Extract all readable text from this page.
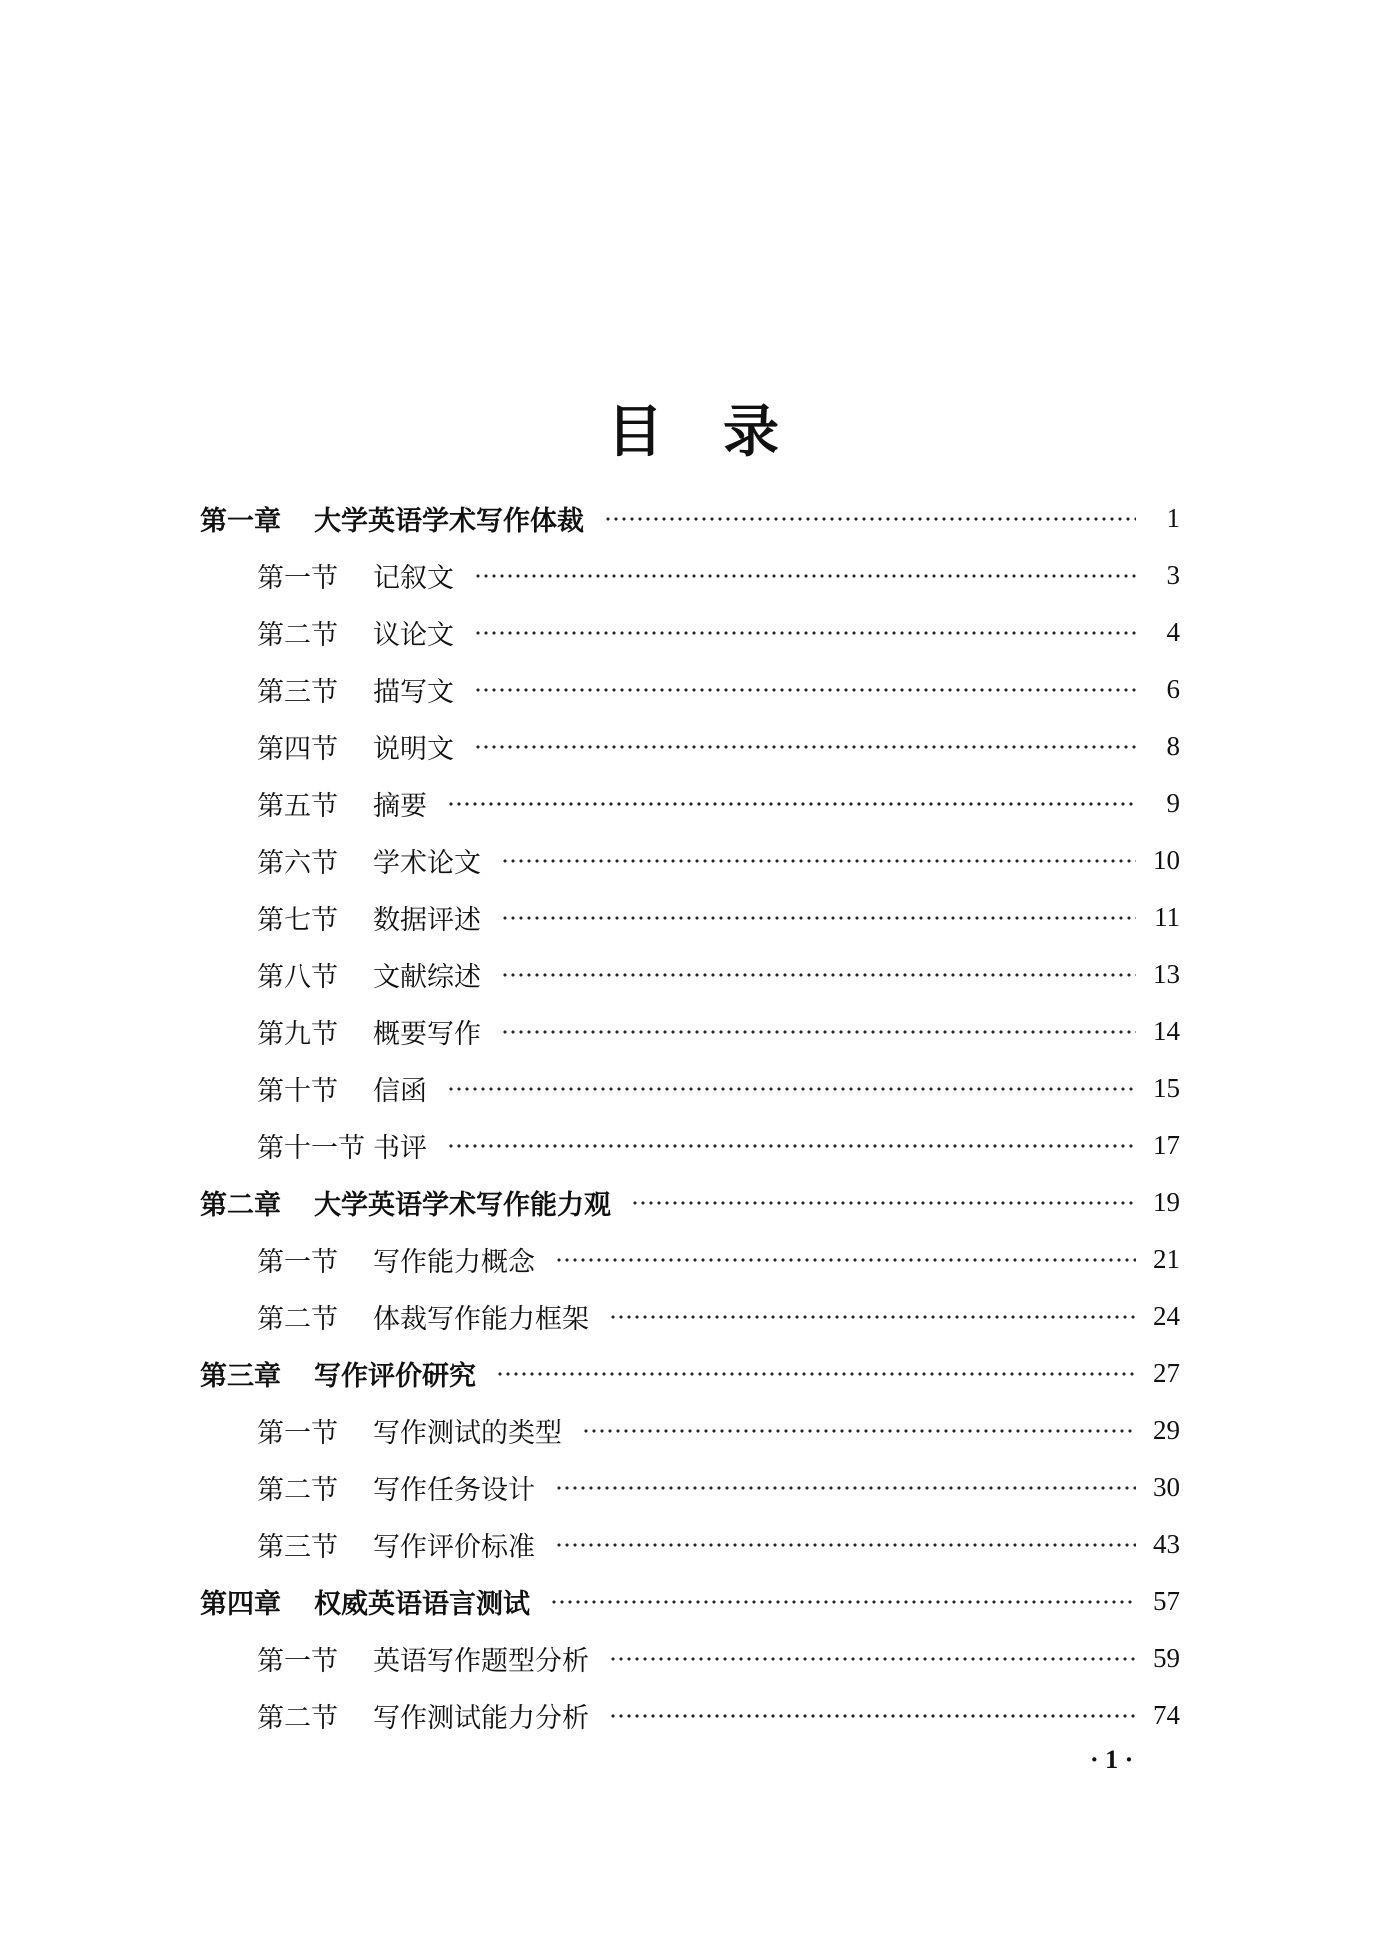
目录
第一章	大学英语学术写作体裁	1
第一节	记叙文	3
第二节	议论文	4
第三节	描写文	6
第四节	说明文	8
第五节	摘要	9
第六节	学术论文	10
第七节	数据评述	11
第八节	文献综述	13
第九节	概要写作	14
第十节	信函	15
第十一节 书评	17
第二章	大学英语学术写作能力观	19
第一节	写作能力概念	21
第二节	体裁写作能力框架	24
第三章	写作评价研究	27
第一节	写作测试的类型	29
第二节	写作任务设计	30
第三节	写作评价标准	43
第四章	权威英语语言测试	57
第一节	英语写作题型分析	59
第二节	写作测试能力分析	74
· 1 ·
